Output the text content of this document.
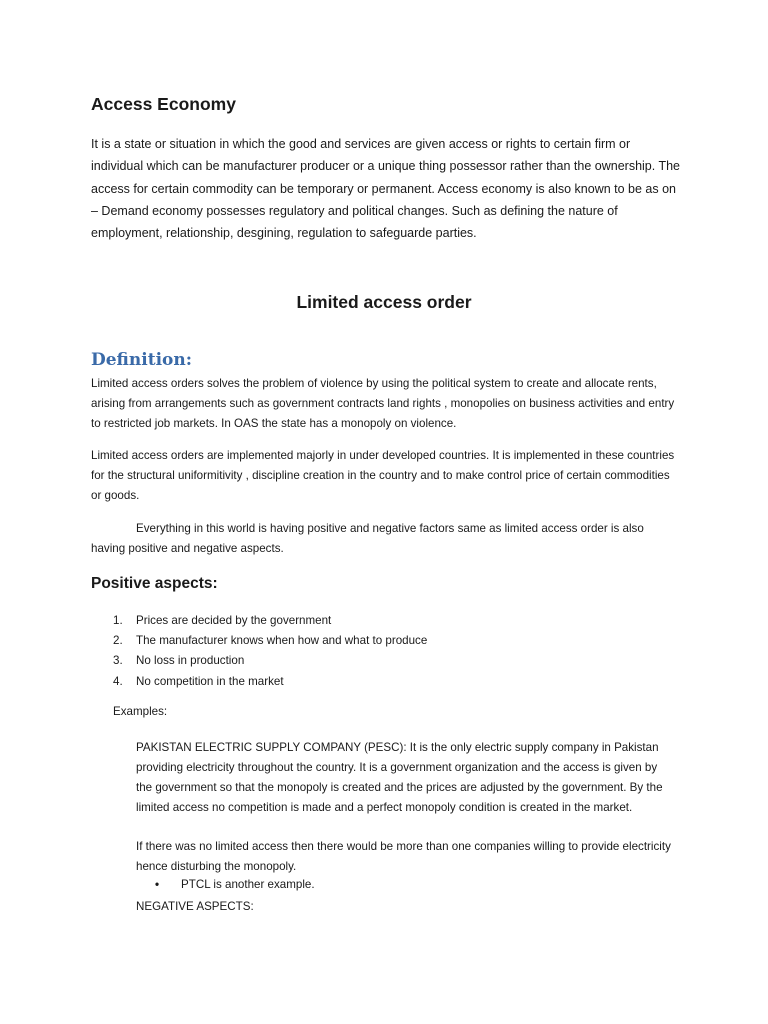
Access Economy

It is a state or situation in which the good and services are given access or rights to certain firm or individual which can be manufacturer producer or a unique thing possessor rather than the ownership. The access for certain commodity can be temporary or permanent. Access economy is also known to be as on – Demand economy possesses regulatory and political changes. Such as defining the nature of employment, relationship, desgining, regulation to safeguarde parties.

Limited access order
Definition:

Limited access orders solves the problem of violence by using the political system to create and allocate rents, arising from arrangements such as government contracts land rights , monopolies on business activities and entry to restricted job markets. In OAS the state has a monopoly on violence.

Limited access orders are implemented majorly in under developed countries. It is implemented in these countries for the structural uniformitivity , discipline creation in the country and to make control price of certain commodities or goods.

Everything in this world is having positive and negative factors same as limited access order is also having positive and negative aspects.

Positive aspects:
1.	Prices are decided by the government
2.	The manufacturer knows when how and what to produce
3.	No loss in production
4.	No competition in the market

Examples:

PAKISTAN ELECTRIC SUPPLY COMPANY (PESC): It is the only electric supply company in Pakistan providing electricity throughout the country. It is a government organization and the access is given by the government so that the monopoly is created and the prices are adjusted by the government. By the limited access no competition is made and a perfect monopoly condition is created in the market.

If there was no limited access then there would be more than one companies willing to provide electricity hence disturbing the monopoly.

•	PTCL is another example.

NEGATIVE ASPECTS:
